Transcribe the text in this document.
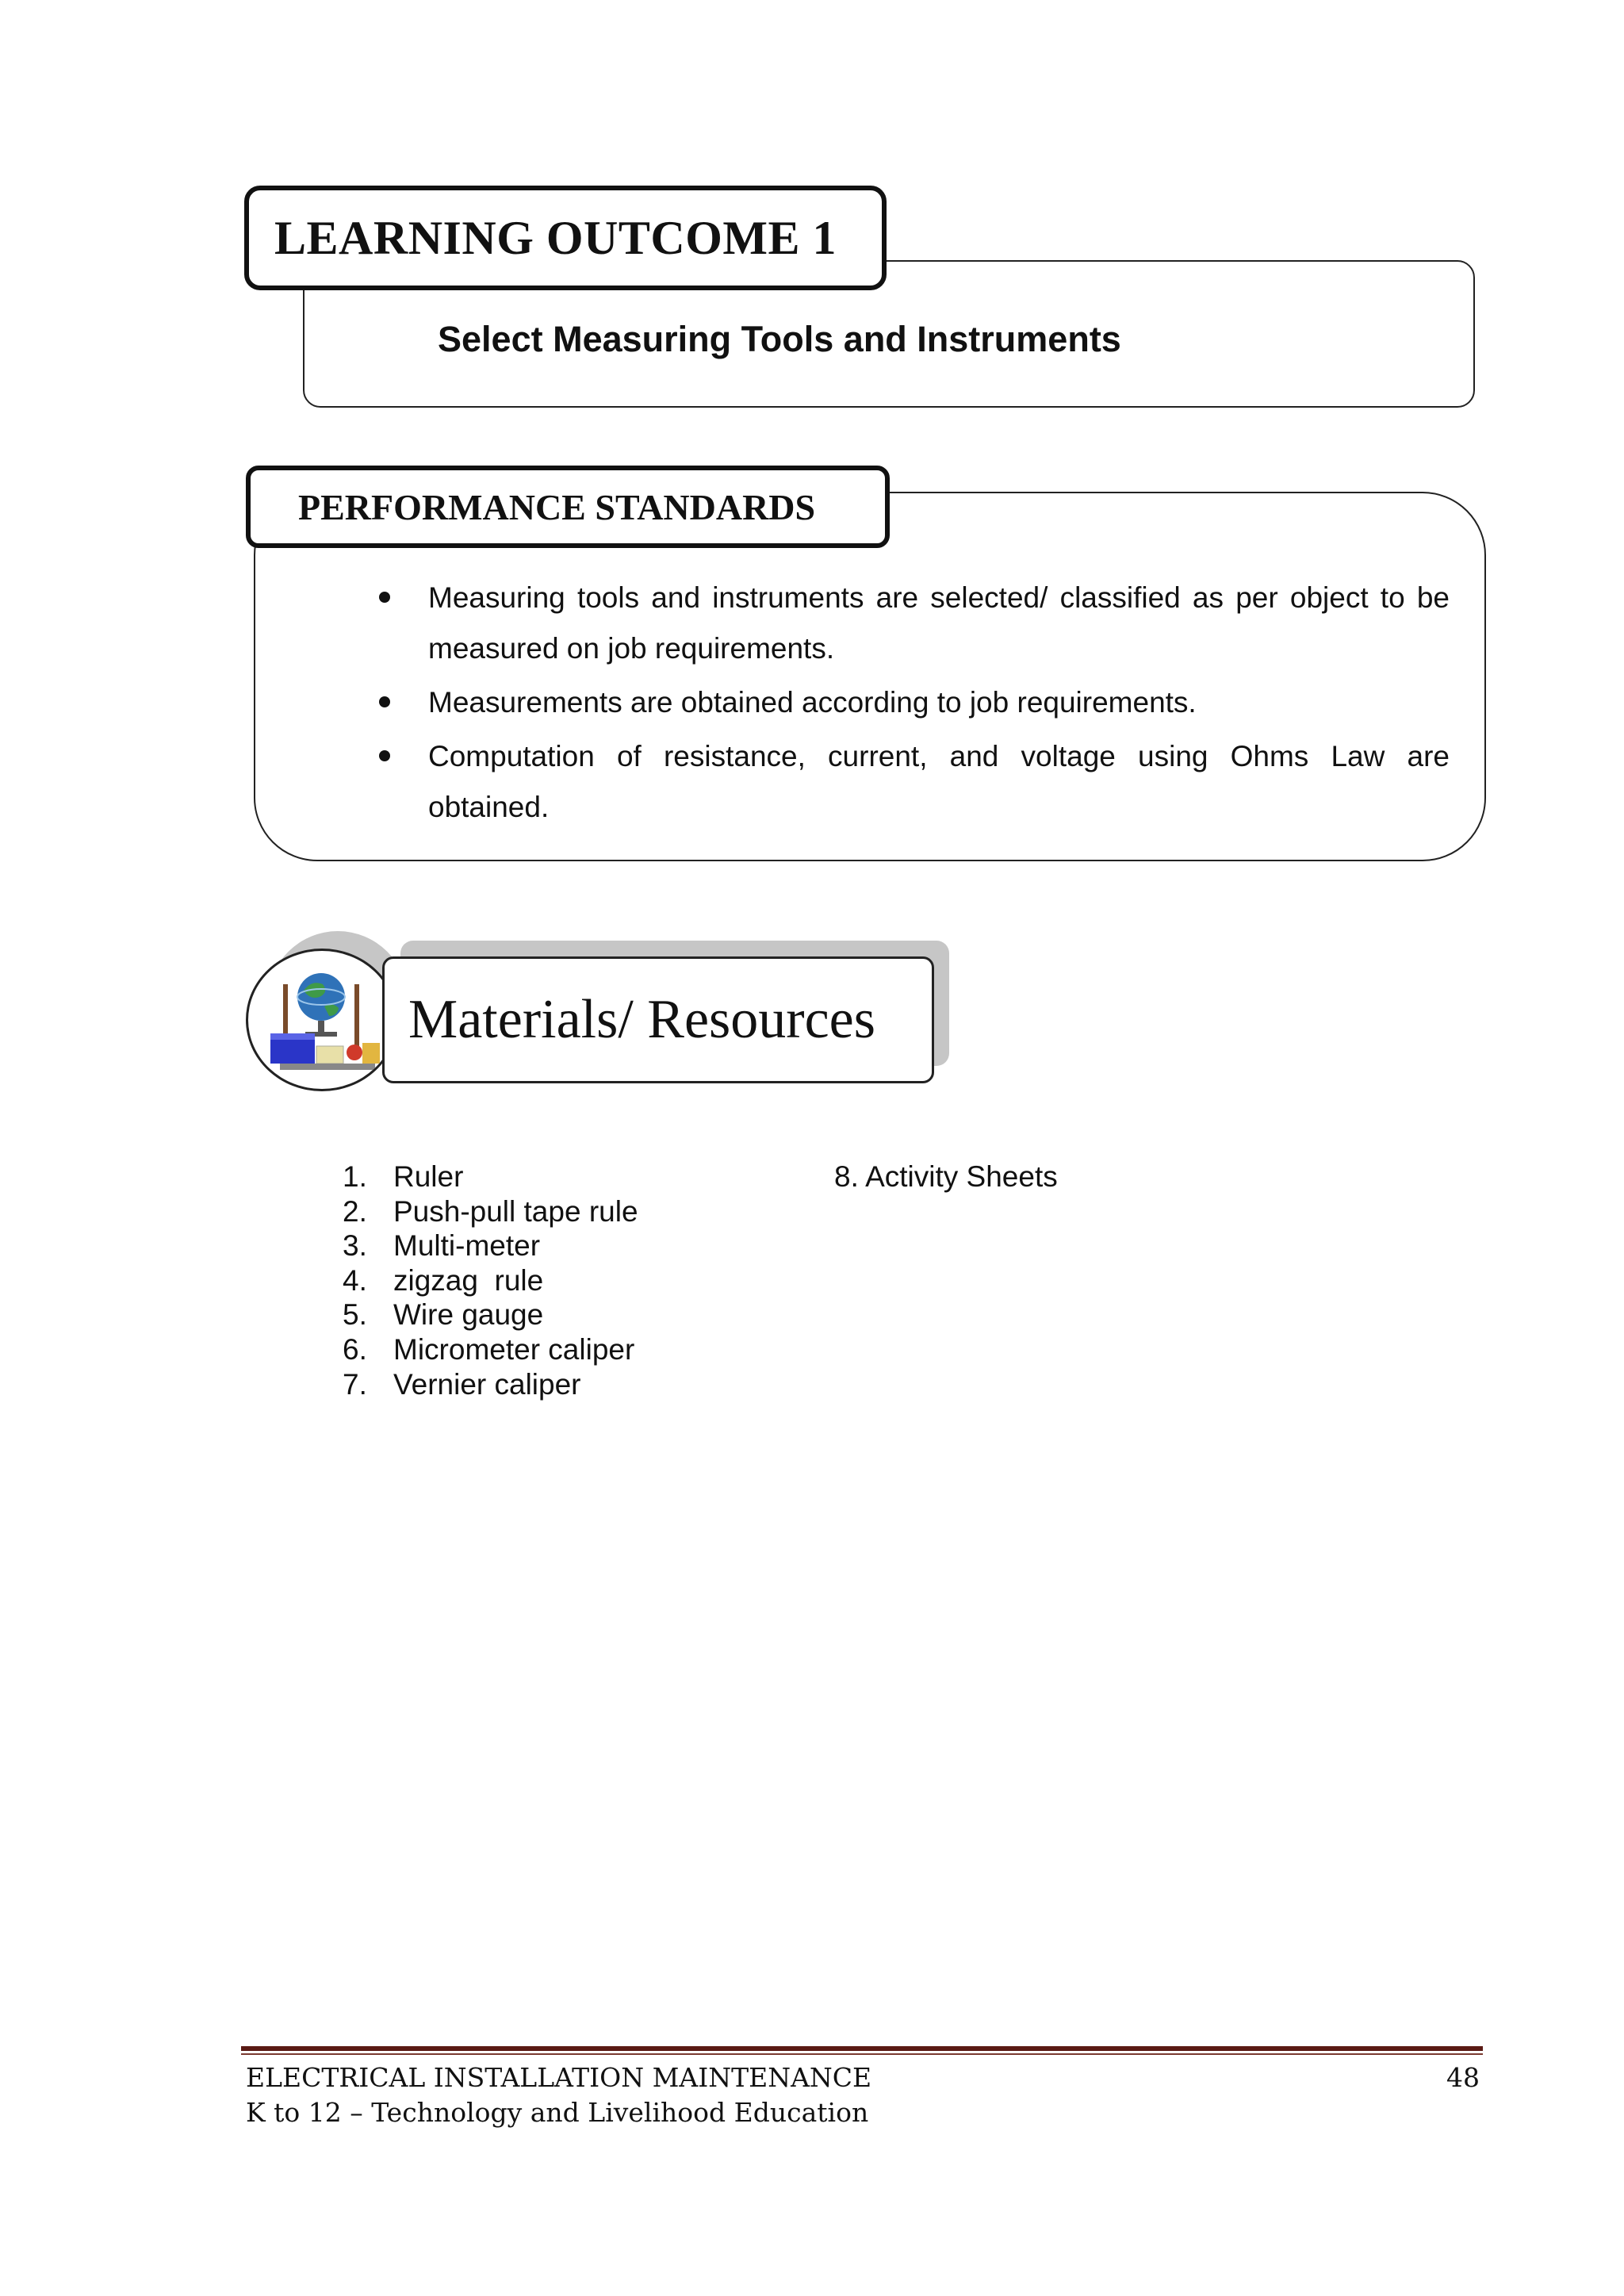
LEARNING OUTCOME 1
Select Measuring Tools and Instruments
PERFORMANCE STANDARDS
Measuring tools and instruments are selected/ classified as per object to be measured on job requirements.
Measurements are obtained according to job requirements.
Computation of resistance, current, and voltage using Ohms Law are obtained.
Materials/ Resources
1. Ruler
2. Push-pull tape rule
3. Multi-meter
4. zigzag  rule
5. Wire gauge
6. Micrometer caliper
7. Vernier caliper
8. Activity Sheets
ELECTRICAL INSTALLATION MAINTENANCE
K to 12 – Technology and Livelihood Education
48
